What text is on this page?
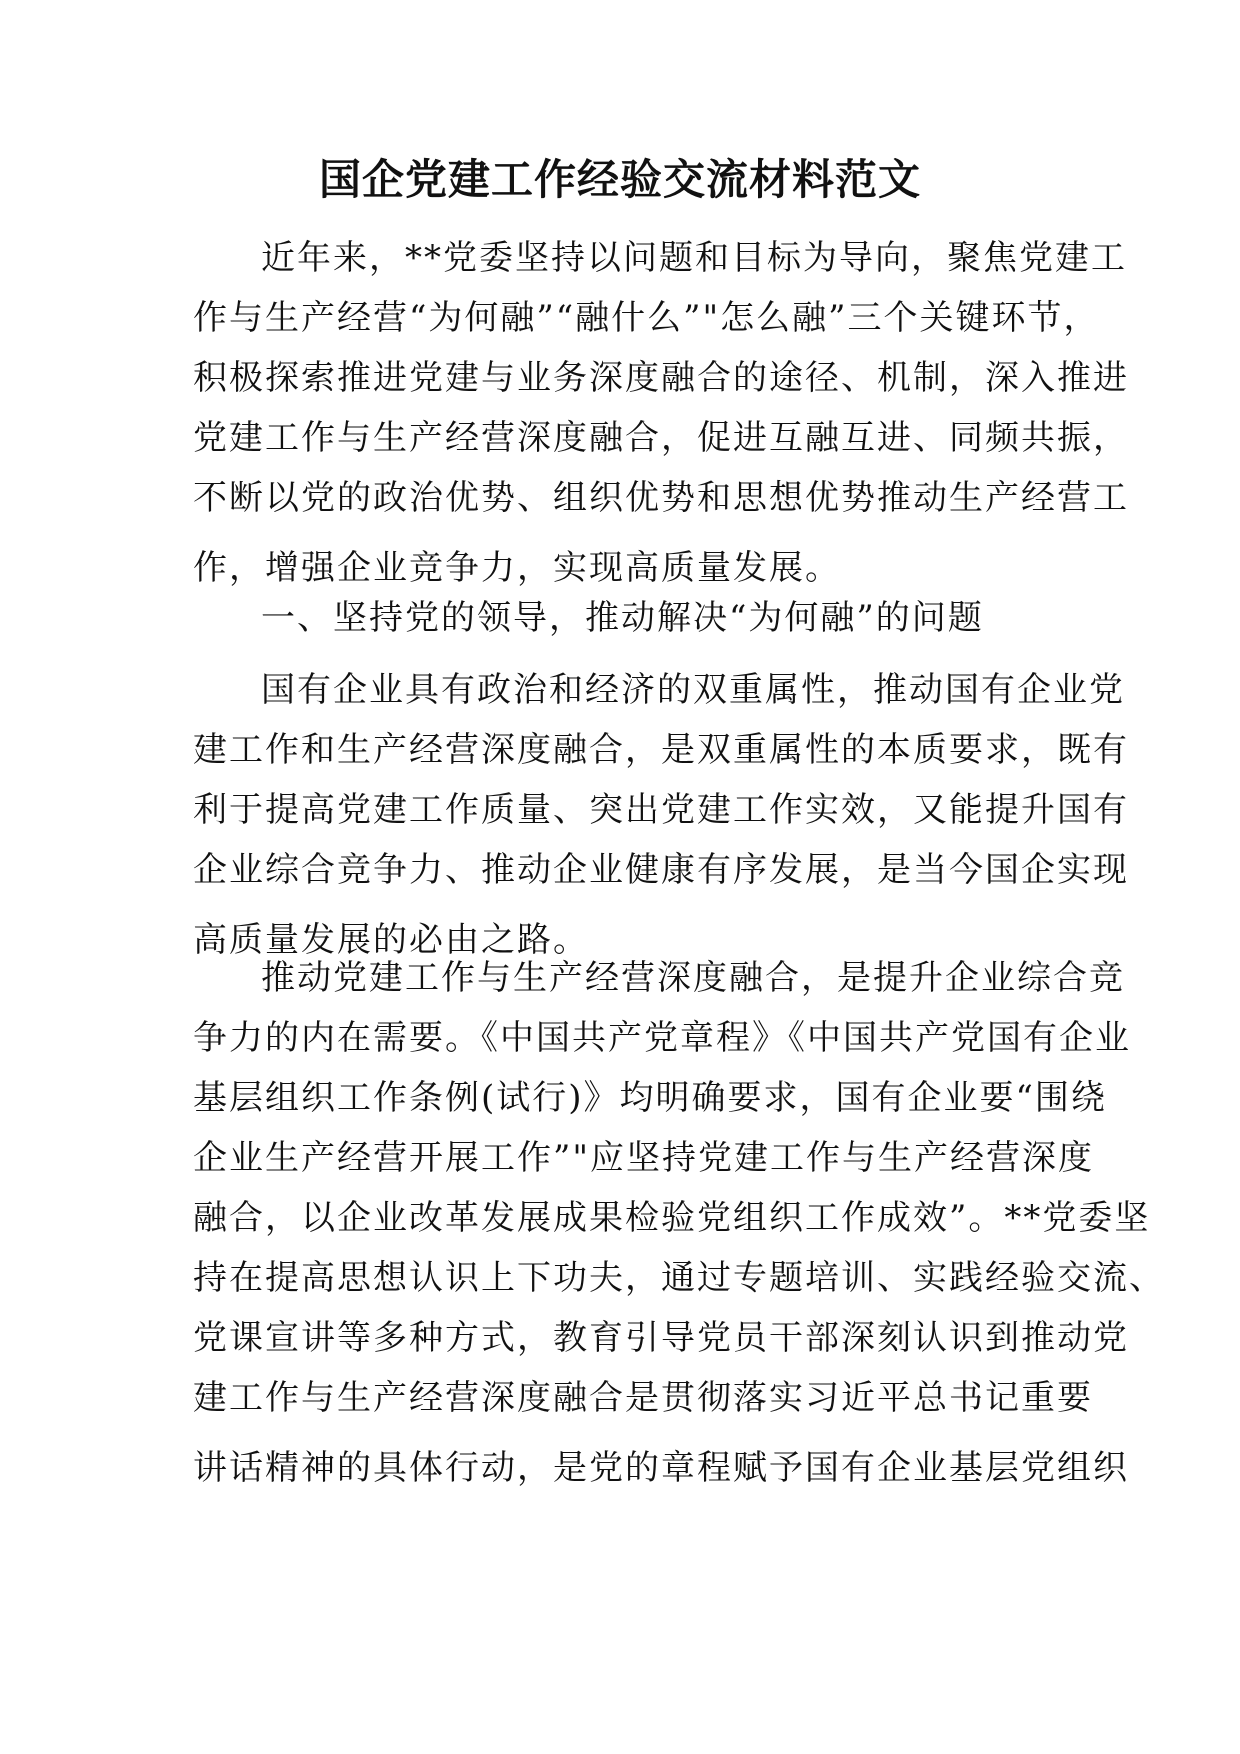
国企党建工作经验交流材料范文
近年来，**党委坚持以问题和目标为导向，聚焦党建工
作与生产经营“为何融”“融什么”"怎么融”三个关键环节，
积极探索推进党建与业务深度融合的途径、机制，深入推进
党建工作与生产经营深度融合，促进互融互进、同频共振，
不断以党的政治优势、组织优势和思想优势推动生产经营工
作，增强企业竞争力，实现高质量发展。
一、坚持党的领导，推动解决“为何融”的问题
国有企业具有政治和经济的双重属性，推动国有企业党
建工作和生产经营深度融合，是双重属性的本质要求，既有
利于提高党建工作质量、突出党建工作实效，又能提升国有
企业综合竞争力、推动企业健康有序发展，是当今国企实现
高质量发展的必由之路。
推动党建工作与生产经营深度融合，是提升企业综合竞
争力的内在需要。《中国共产党章程》《中国共产党国有企业
基层组织工作条例(试行)》均明确要求，国有企业要“围绕
企业生产经营开展工作”"应坚持党建工作与生产经营深度
融合，以企业改革发展成果检验党组织工作成效”。**党委坚
持在提高思想认识上下功夫，通过专题培训、实践经验交流、
党课宣讲等多种方式，教育引导党员干部深刻认识到推动党
建工作与生产经营深度融合是贯彻落实习近平总书记重要
讲话精神的具体行动，是党的章程赋予国有企业基层党组织
